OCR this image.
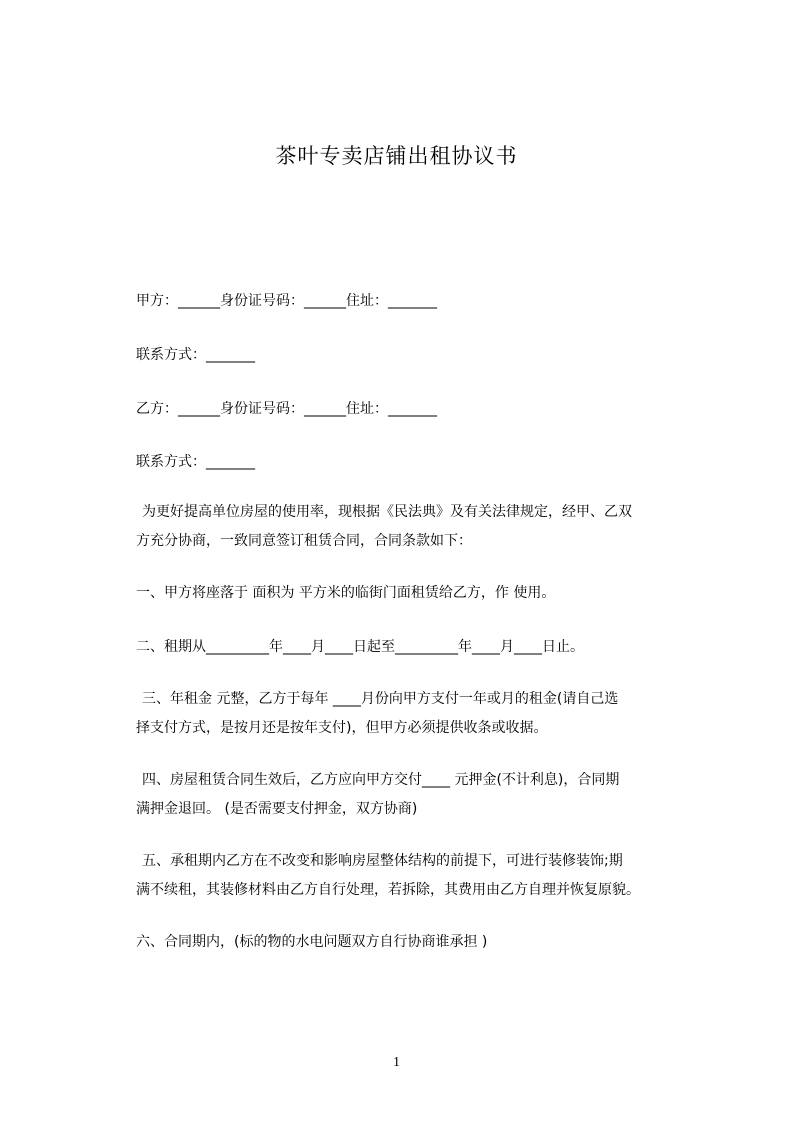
茶叶专卖店铺出租协议书

甲方：______身份证号码：______住址：_______

联系方式：_______

乙方：______身份证号码：______住址：_______

联系方式：_______

为更好提高单位房屋的使用率，现根据《民法典》及有关法律规定，经甲、乙双
方充分协商，一致同意签订租赁合同，合同条款如下：

一、甲方将座落于 面积为 平方米的临街门面租赁给乙方，作 使用。

二、租期从_________年____月____日起至_________年____月____日止。

三、年租金 元整，乙方于每年 ____月份向甲方支付一年或月的租金(请自己选
择支付方式，是按月还是按年支付)，但甲方必须提供收条或收据。
四、房屋租赁合同生效后，乙方应向甲方交付____ 元押金(不计利息)，合同期
满押金退回。 (是否需要支付押金，双方协商)
五、承租期内乙方在不改变和影响房屋整体结构的前提下，可进行装修装饰;期
满不续租，其装修材料由乙方自行处理，若拆除，其费用由乙方自理并恢复原貌。

六、合同期内，(标的物的水电问题双方自行协商谁承担 )

1
